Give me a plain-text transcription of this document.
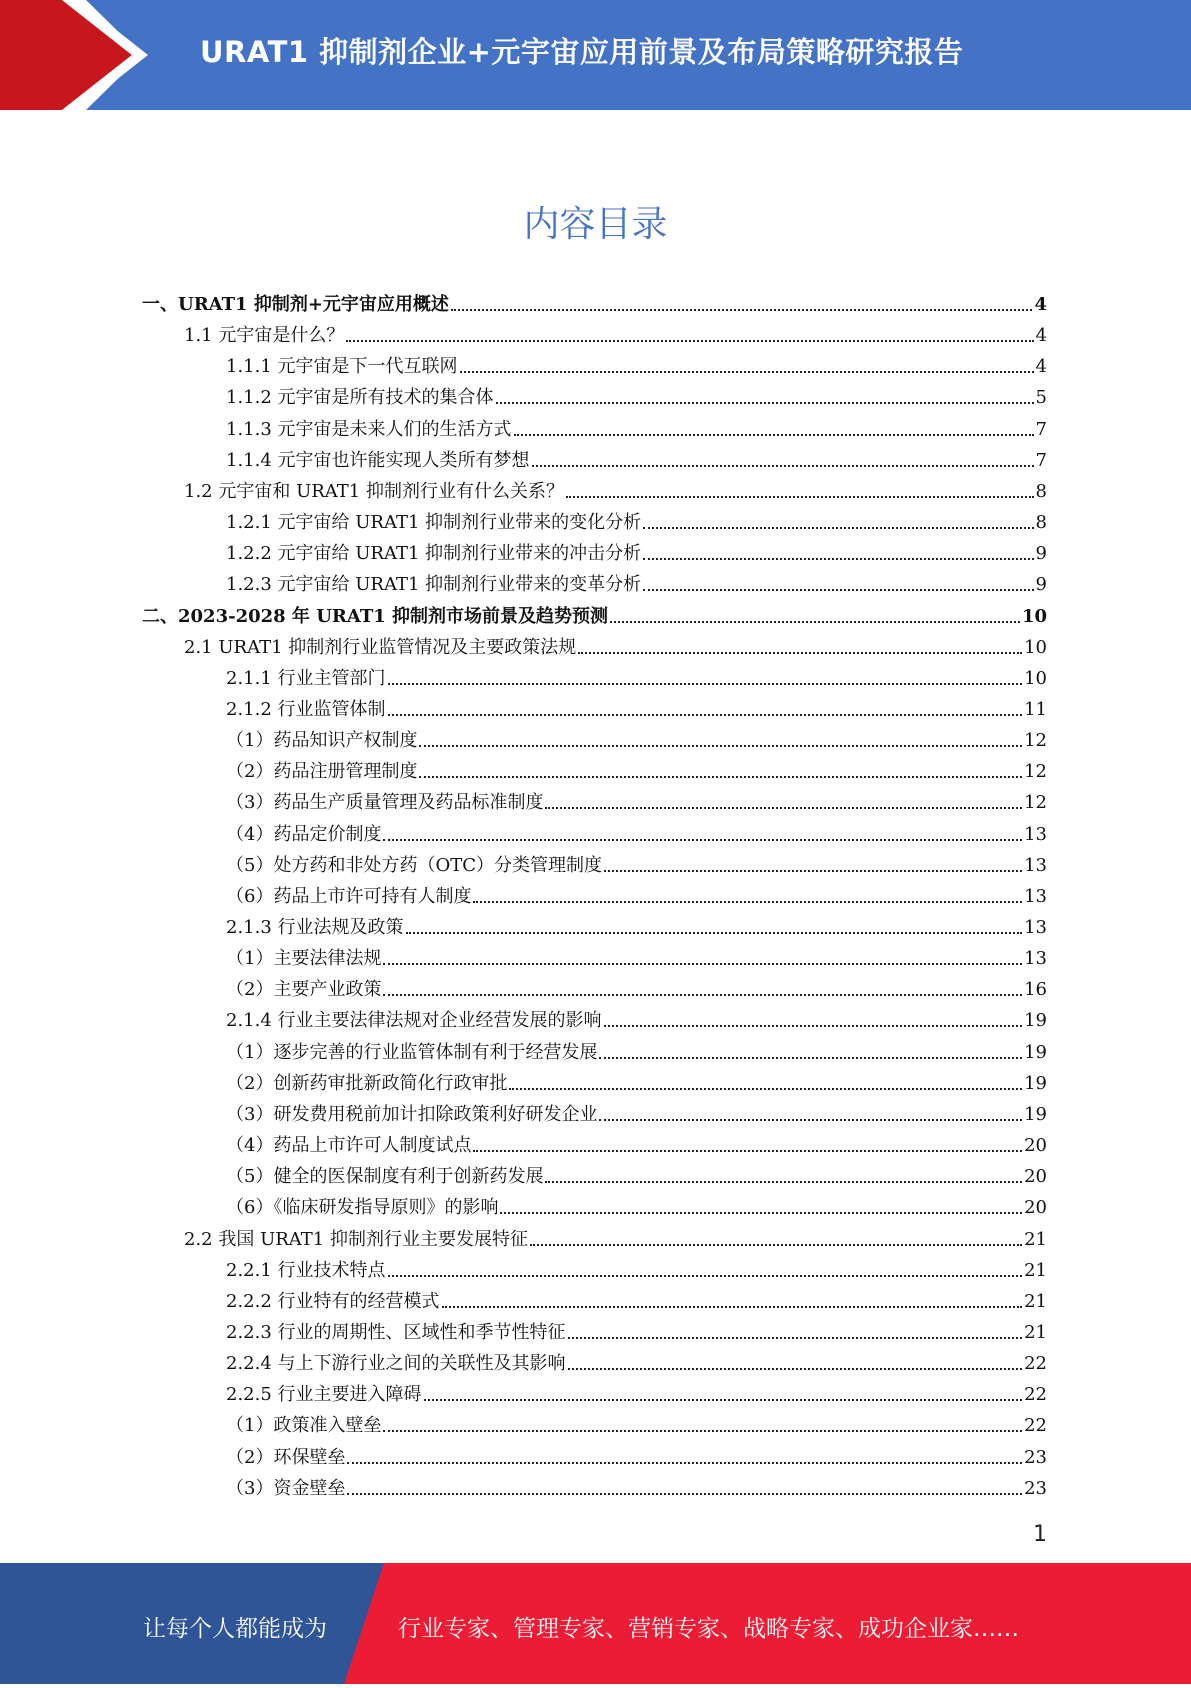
URAT1 抑制剂企业+元宇宙应用前景及布局策略研究报告
内容目录
一、URAT1 抑制剂+元宇宙应用概述	4
1.1 元宇宙是什么？	4
1.1.1 元宇宙是下一代互联网	4
1.1.2 元宇宙是所有技术的集合体	5
1.1.3 元宇宙是未来人们的生活方式	7
1.1.4 元宇宙也许能实现人类所有梦想	7
1.2 元宇宙和 URAT1 抑制剂行业有什么关系？	8
1.2.1 元宇宙给 URAT1 抑制剂行业带来的变化分析	8
1.2.2 元宇宙给 URAT1 抑制剂行业带来的冲击分析	9
1.2.3 元宇宙给 URAT1 抑制剂行业带来的变革分析	9
二、2023-2028 年 URAT1 抑制剂市场前景及趋势预测	10
2.1 URAT1 抑制剂行业监管情况及主要政策法规	10
2.1.1 行业主管部门	10
2.1.2 行业监管体制	11
（1）药品知识产权制度	12
（2）药品注册管理制度	12
（3）药品生产质量管理及药品标准制度	12
（4）药品定价制度	13
（5）处方药和非处方药（OTC）分类管理制度	13
（6）药品上市许可持有人制度	13
2.1.3 行业法规及政策	13
（1）主要法律法规	13
（2）主要产业政策	16
2.1.4 行业主要法律法规对企业经营发展的影响	19
（1）逐步完善的行业监管体制有利于经营发展	19
（2）创新药审批新政简化行政审批	19
（3）研发费用税前加计扣除政策利好研发企业	19
（4）药品上市许可人制度试点	20
（5）健全的医保制度有利于创新药发展	20
（6）《临床研发指导原则》的影响	20
2.2 我国 URAT1 抑制剂行业主要发展特征	21
2.2.1 行业技术特点	21
2.2.2 行业特有的经营模式	21
2.2.3 行业的周期性、区域性和季节性特征	21
2.2.4 与上下游行业之间的关联性及其影响	22
2.2.5 行业主要进入障碍	22
（1）政策准入壁垒	22
（2）环保壁垒	23
（3）资金壁垒	23
1
让每个人都能成为	行业专家、管理专家、营销专家、战略专家、成功企业家……
